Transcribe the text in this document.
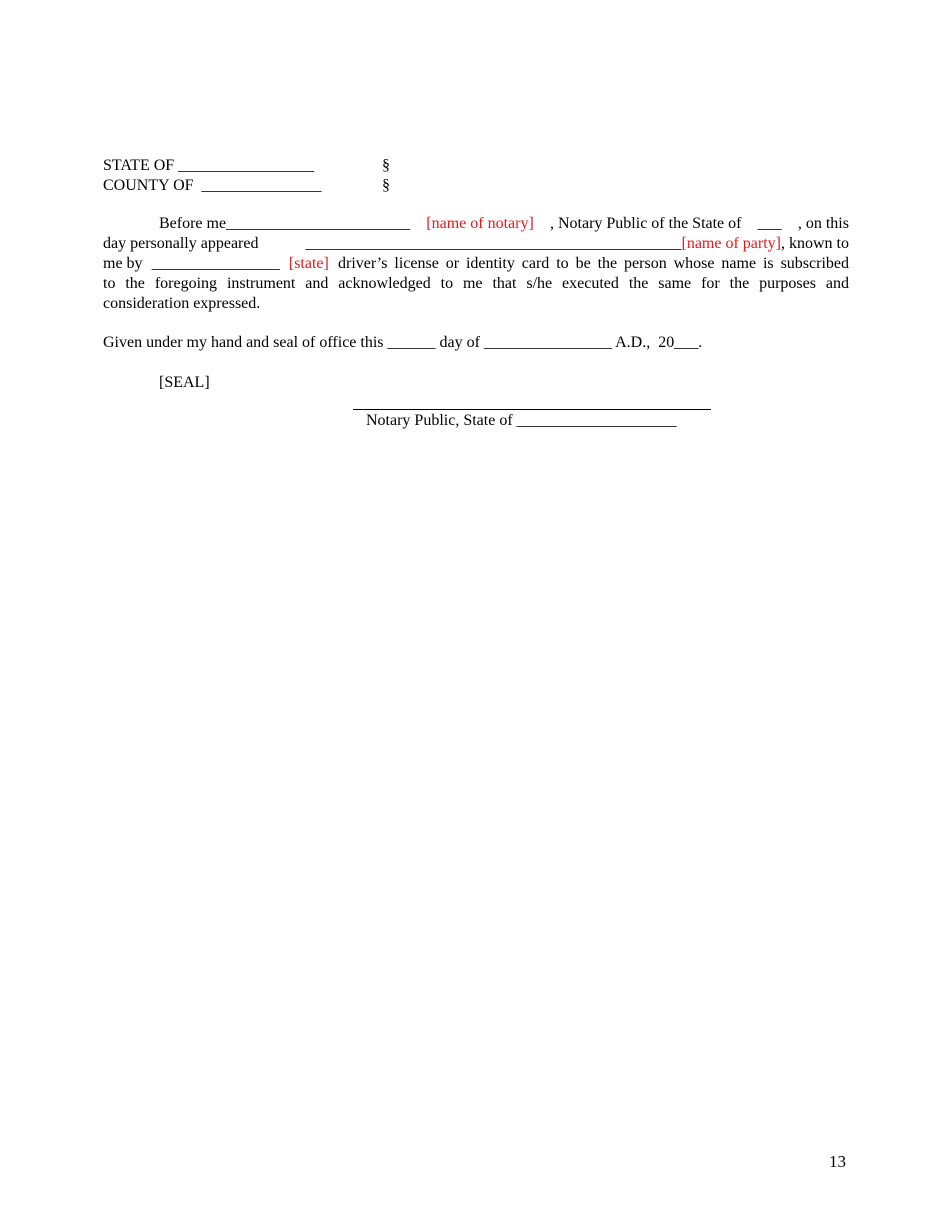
STATE OF _________________	§
COUNTY OF _______________	§
Before me_______________________ [name of notary] , Notary Public of the State of ___ , on this
day personally appeared	_______________________________________________[name of party], known to
me by ________________ [state] driver’s license or identity card to be the person whose name is subscribed
to the foregoing instrument and acknowledged to me that s/he executed the same for the purposes and
consideration expressed.
Given under my hand and seal of office this ______ day of ________________ A.D., 20___.
[SEAL]
Notary Public, State of ____________________
13
